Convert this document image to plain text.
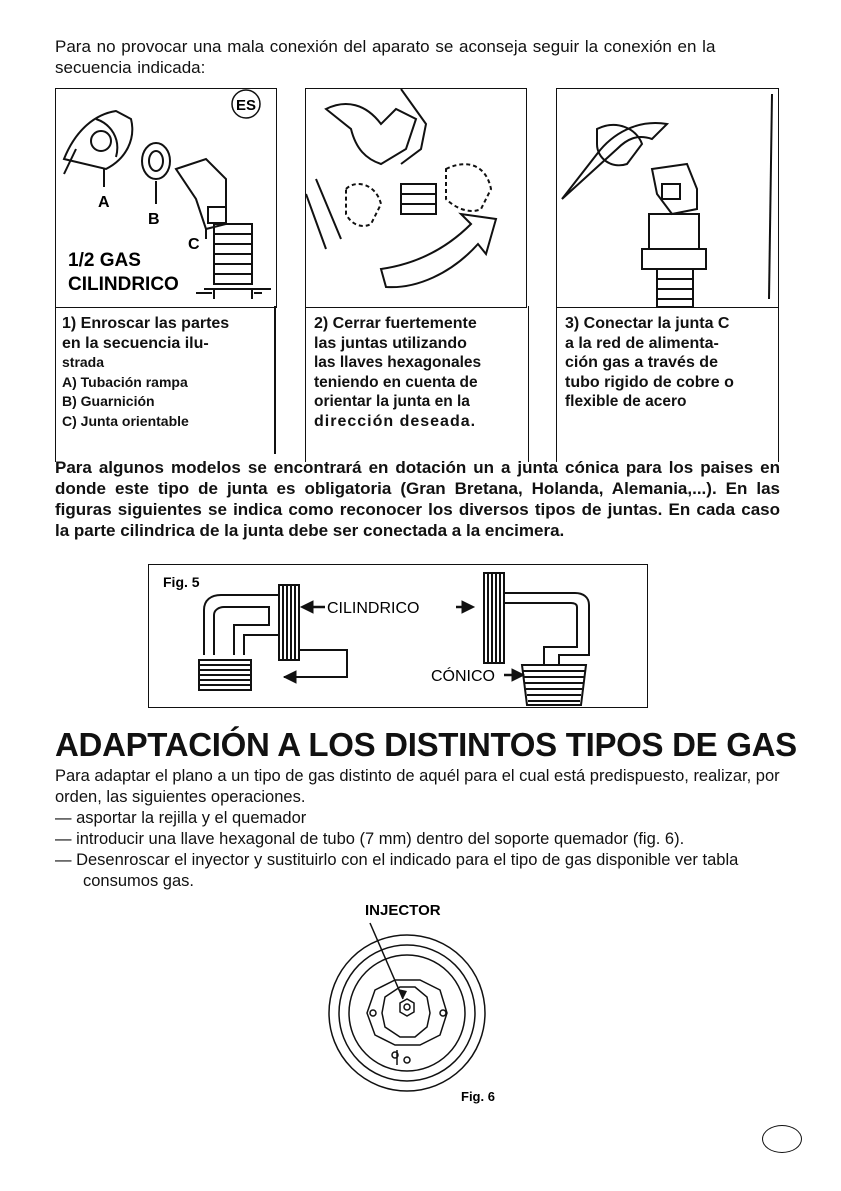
Para no provocar una mala conexión del aparato se aconseja seguir la conexión en la secuencia indicada:
ES
A
B
C
1/2 GAS
CILINDRICO
1) Enroscar las partes
en la secuencia ilu-
strada
A) Tubación rampa
B) Guarnición
C) Junta orientable
2) Cerrar fuertemente
las juntas utilizando
las llaves hexagonales
teniendo en cuenta de
orientar la junta en la
dirección deseada.
3) Conectar la junta C
a la red de alimenta-
ción gas a través de
tubo rigido de cobre o
flexible de acero
Para algunos modelos se encontrará en dotación un a junta cónica para los paises en donde este tipo de junta es obligatoria (Gran Bretana, Holanda, Alemania,...). En las figuras siguientes se indica como reconocer los diversos tipos de juntas. En cada caso la parte cilindrica de la junta debe ser conectada a la encimera.
Fig. 5
CILINDRICO
CÓNICO
ADAPTACIÓN A LOS DISTINTOS TIPOS DE GAS
Para adaptar el plano a un tipo de gas distinto de aquél para el cual está predispuesto, realizar, por orden, las siguientes operaciones.
— asportar la rejilla y el quemador
— introducir una llave hexagonal de tubo (7 mm) dentro del soporte quemador (fig. 6).
— Desenroscar el inyector y sustituirlo con el indicado para el tipo de gas disponible ver tabla consumos gas.
INJECTOR
Fig. 6
